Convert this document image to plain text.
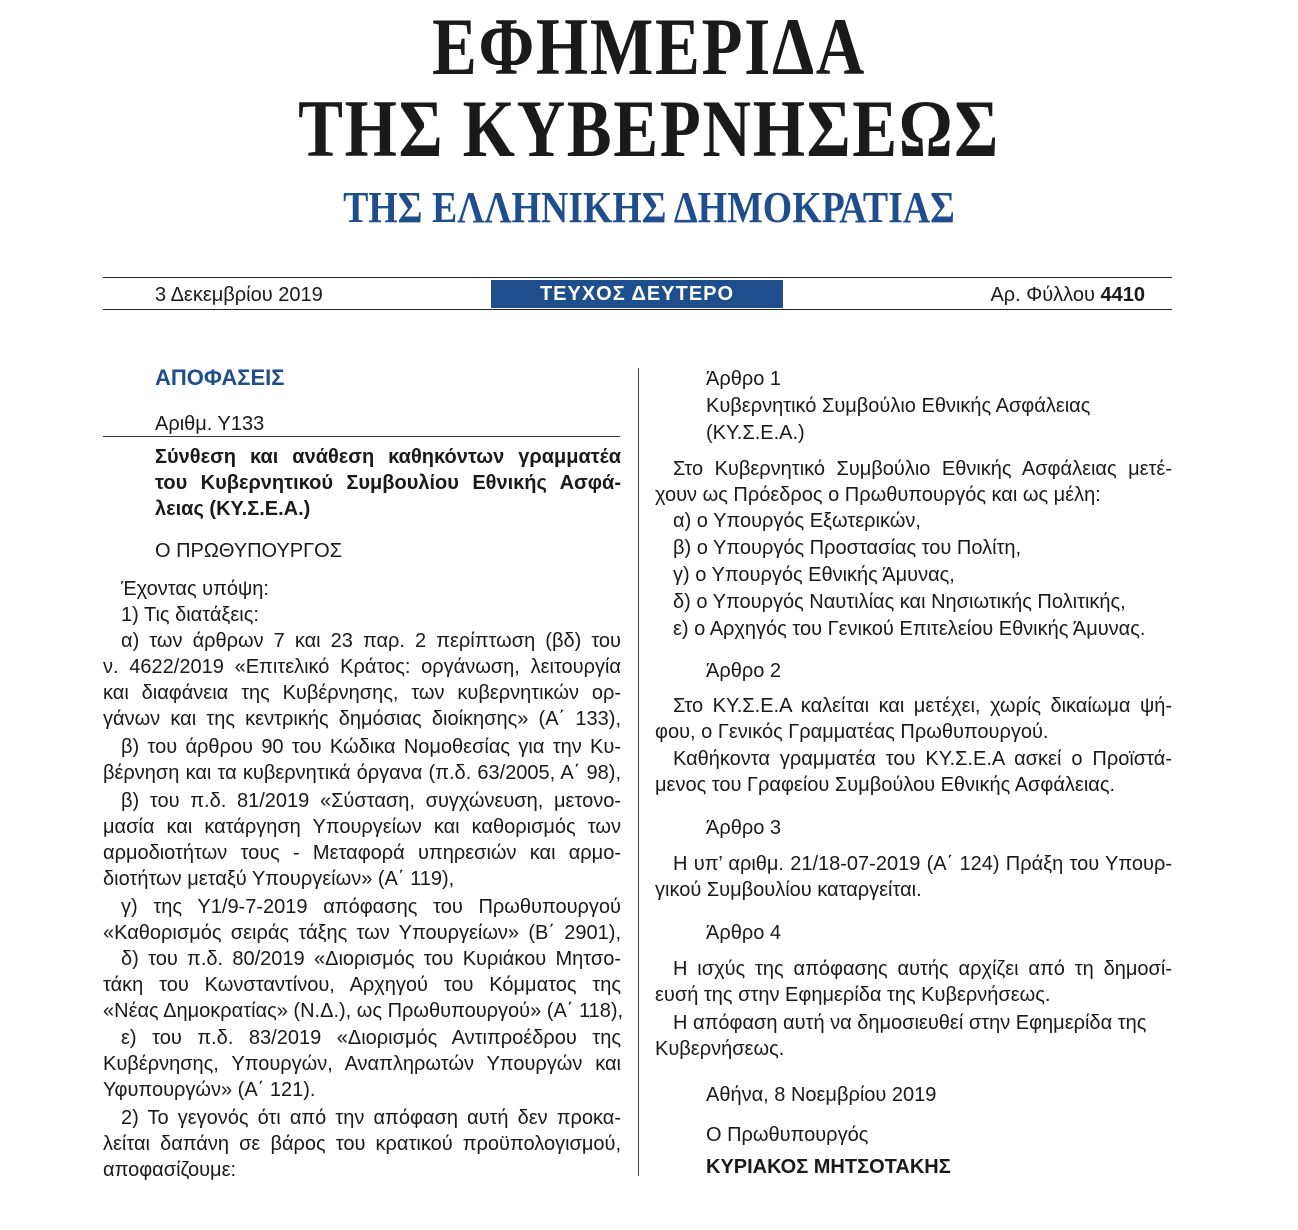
ΕΦΗΜΕΡΙΔΑ
ΤΗΣ ΚΥΒΕΡΝΗΣΕΩΣ
ΤΗΣ ΕΛΛΗΝΙΚΗΣ ΔΗΜΟΚΡΑΤΙΑΣ
3 Δεκεμβρίου 2019	ΤΕΥΧΟΣ ΔΕΥΤΕΡΟ	Αρ. Φύλλου 4410
ΑΠΟΦΑΣΕΙΣ
Αριθμ. Υ133
Σύνθεση και ανάθεση καθηκόντων γραμματέα
του Κυβερνητικού Συμβουλίου Εθνικής Ασφά-
λειας (ΚΥ.Σ.Ε.Α.)
Ο ΠΡΩΘΥΠΟΥΡΓΟΣ
Έχοντας υπόψη:
1) Τις διατάξεις:
α) των άρθρων 7 και 23 παρ. 2 περίπτωση (βδ) του
ν. 4622/2019 «Επιτελικό Κράτος: οργάνωση, λειτουργία
και διαφάνεια της Κυβέρνησης, των κυβερνητικών ορ-
γάνων και της κεντρικής δημόσιας διοίκησης» (Α΄ 133),
β) του άρθρου 90 του Κώδικα Νομοθεσίας για την Κυ-
βέρνηση και τα κυβερνητικά όργανα (π.δ. 63/2005, Α΄ 98),
β) του π.δ. 81/2019 «Σύσταση, συγχώνευση, μετονο-
μασία και κατάργηση Υπουργείων και καθορισμός των
αρμοδιοτήτων τους - Μεταφορά υπηρεσιών και αρμο-
διοτήτων μεταξύ Υπουργείων» (Α΄ 119),
γ) της Υ1/9-7-2019 απόφασης του Πρωθυπουργού
«Καθορισμός σειράς τάξης των Υπουργείων» (Β΄ 2901),
δ) του π.δ. 80/2019 «Διορισμός του Κυριάκου Μητσο-
τάκη του Κωνσταντίνου, Αρχηγού του Κόμματος της
«Νέας Δημοκρατίας» (Ν.Δ.), ως Πρωθυπουργού» (Α΄ 118),
ε) του π.δ. 83/2019 «Διορισμός Αντιπροέδρου της
Κυβέρνησης, Υπουργών, Αναπληρωτών Υπουργών και
Υφυπουργών» (Α΄ 121).
2) Το γεγονός ότι από την απόφαση αυτή δεν προκα-
λείται δαπάνη σε βάρος του κρατικού προϋπολογισμού,
αποφασίζουμε:
Άρθρο 1
Κυβερνητικό Συμβούλιο Εθνικής Ασφάλειας
(ΚΥ.Σ.Ε.Α.)
Στο Κυβερνητικό Συμβούλιο Εθνικής Ασφάλειας μετέ-
χουν ως Πρόεδρος ο Πρωθυπουργός και ως μέλη:
α) ο Υπουργός Εξωτερικών,
β) ο Υπουργός Προστασίας του Πολίτη,
γ) ο Υπουργός Εθνικής Άμυνας,
δ) ο Υπουργός Ναυτιλίας και Νησιωτικής Πολιτικής,
ε) ο Αρχηγός του Γενικού Επιτελείου Εθνικής Άμυνας.
Άρθρο 2
Στο ΚΥ.Σ.Ε.Α καλείται και μετέχει, χωρίς δικαίωμα ψή-
φου, ο Γενικός Γραμματέας Πρωθυπουργού.
Καθήκοντα γραμματέα του ΚΥ.Σ.Ε.Α ασκεί ο Προϊστά-
μενος του Γραφείου Συμβούλου Εθνικής Ασφάλειας.
Άρθρο 3
Η υπ’ αριθμ. 21/18-07-2019 (Α΄ 124) Πράξη του Υπουρ-
γικού Συμβουλίου καταργείται.
Άρθρο 4
Η ισχύς της απόφασης αυτής αρχίζει από τη δημοσί-
ευσή της στην Εφημερίδα της Κυβερνήσεως.
Η απόφαση αυτή να δημοσιευθεί στην Εφημερίδα της
Κυβερνήσεως.
Αθήνα, 8 Νοεμβρίου 2019
Ο Πρωθυπουργός
ΚΥΡΙΑΚΟΣ ΜΗΤΣΟΤΑΚΗΣ
